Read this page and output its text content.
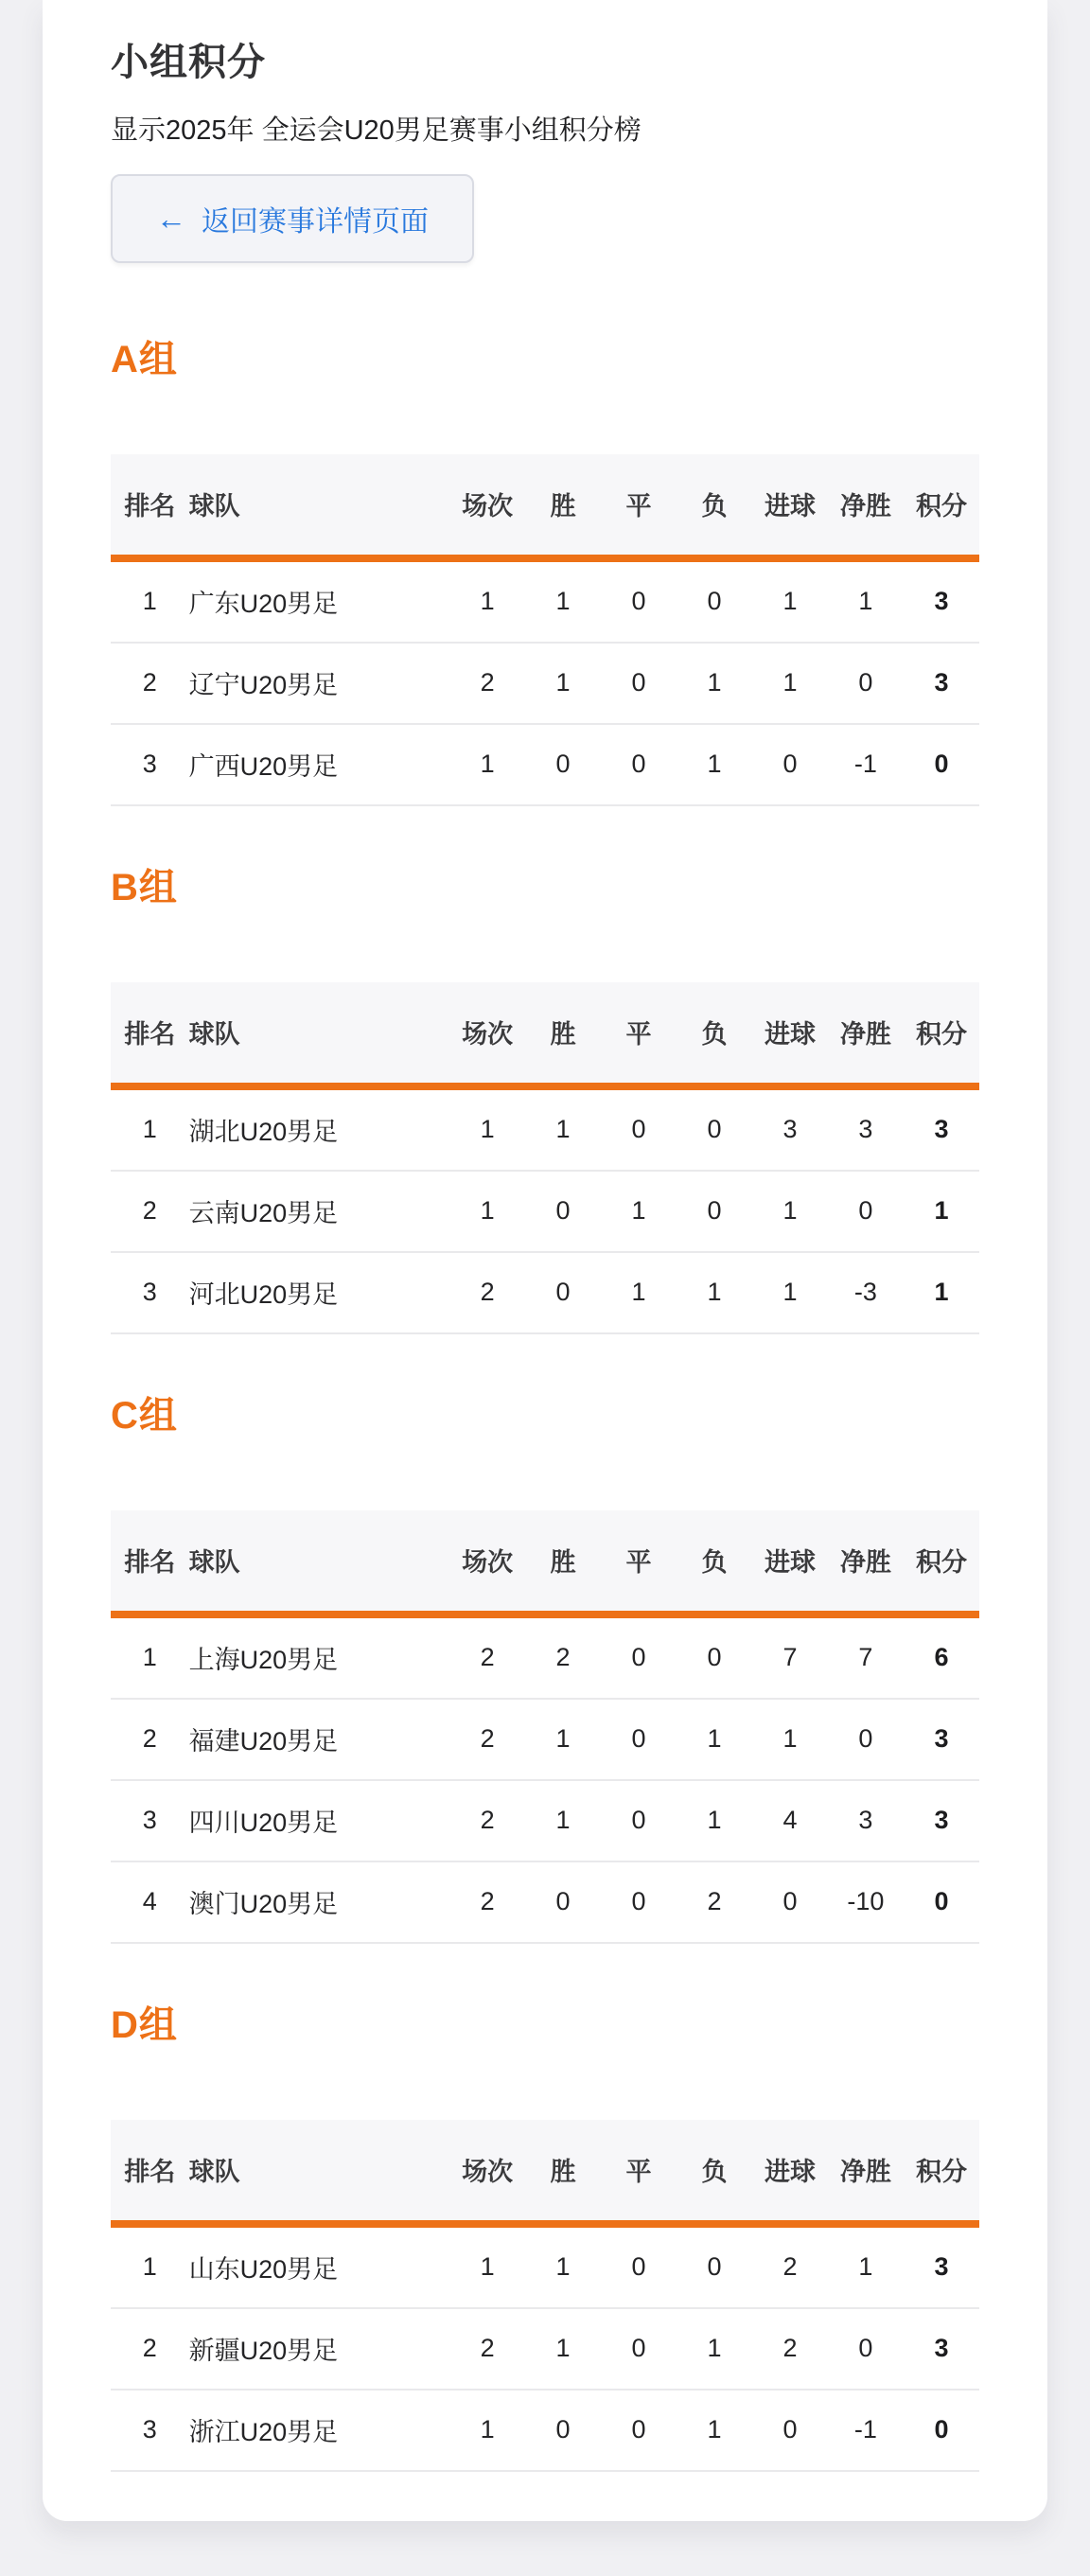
小组积分

显示2025年 全运会U20男足赛事小组积分榜

← 返回赛事详情页面
A组
排名	球队	场次	胜	平	负	进球	净胜	积分
1	广东U20男足	1	1	0	0	1	1	3
2	辽宁U20男足	2	1	0	1	1	0	3
3	广西U20男足	1	0	0	1	0	-1	0
B组
排名	球队	场次	胜	平	负	进球	净胜	积分
1	湖北U20男足	1	1	0	0	3	3	3
2	云南U20男足	1	0	1	0	1	0	1
3	河北U20男足	2	0	1	1	1	-3	1
C组
排名	球队	场次	胜	平	负	进球	净胜	积分
1	上海U20男足	2	2	0	0	7	7	6
2	福建U20男足	2	1	0	1	1	0	3
3	四川U20男足	2	1	0	1	4	3	3
4	澳门U20男足	2	0	0	2	0	-10	0
D组
排名	球队	场次	胜	平	负	进球	净胜	积分
1	山东U20男足	1	1	0	0	2	1	3
2	新疆U20男足	2	1	0	1	2	0	3
3	浙江U20男足	1	0	0	1	0	-1	0
